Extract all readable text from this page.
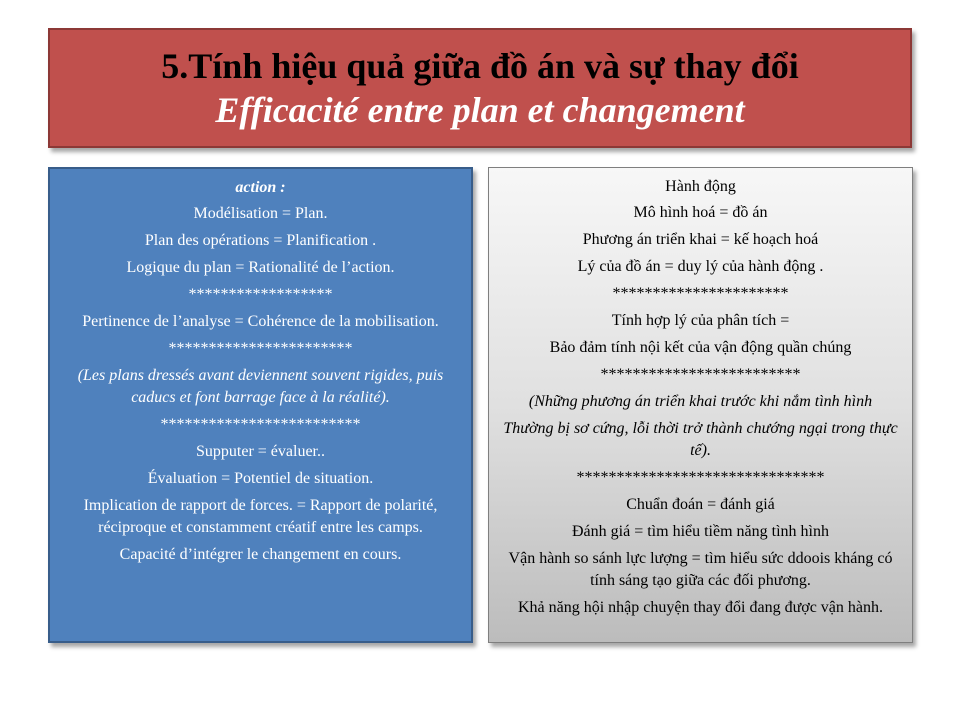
5.Tính hiệu quả giữa đồ án và sự thay đổi
Efficacité entre plan et changement
action :
Modélisation = Plan.
Plan des opérations = Planification .
Logique du plan = Rationalité de l’action.
******************
Pertinence de l’analyse = Cohérence de la mobilisation.
***********************
(Les plans dressés avant deviennent souvent rigides, puis caducs et font barrage face à la réalité).
*************************
Supputer = évaluer..
Évaluation = Potentiel de situation.
Implication de rapport de forces. = Rapport de polarité, réciproque et constamment créatif entre les camps.
Capacité d’intégrer le changement en cours.
Hành động
Mô hình hoá = đồ án
Phương án triển khai = kế hoạch hoá
Lý của đồ án = duy lý của hành động .
**********************
Tính hợp lý của phân tích =
Bảo đảm tính nội kết của vận động quần chúng
*************************
(Những phương án triển khai trước khi nắm tình hình
Thường bị sơ cứng, lỗi thời trở thành chướng ngại trong thực tế).
*******************************
Chuẩn đoán = đánh giá
Đánh giá = tìm hiểu tiềm năng tình hình
Vận hành so sánh lực lượng = tìm hiểu sức ddoois kháng có tính sáng tạo giữa các đối phương.
Khả năng hội nhập chuyện thay đổi đang được vận hành.
